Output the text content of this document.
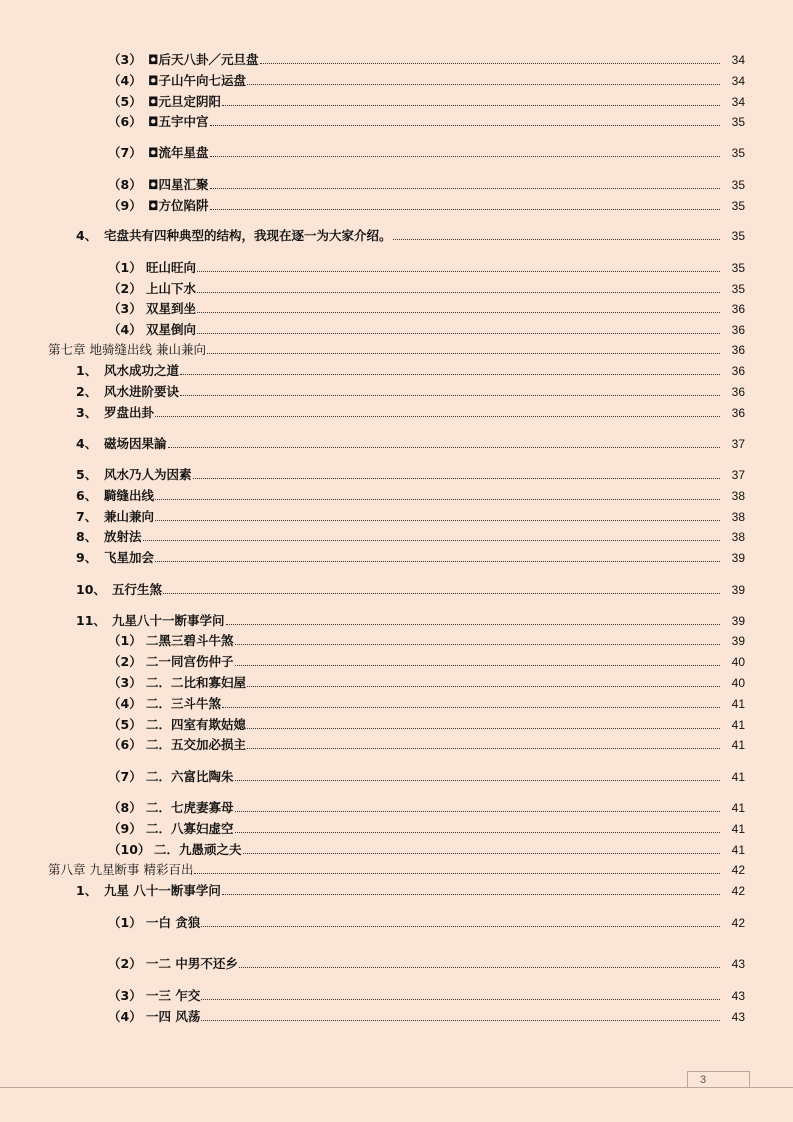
（3） ◘后天八卦／元旦盘	34
（4） ◘子山午向七运盘	34
（5） ◘元旦定阴阳	34
（6） ◘五宇中宫	35
（7） ◘流年星盘	35
（8） ◘四星汇聚	35
（9） ◘方位陷阱	35
4、 宅盘共有四种典型的结构，我现在逐一为大家介绍。	35
（1） 旺山旺向	35
（2） 上山下水	35
（3） 双星到坐	36
（4） 双星倒向	36
第七章 地骑缝出线 兼山兼向	36
1、 风水成功之道	36
2、 风水进阶要诀	36
3、 罗盘出卦	36
4、 磁场因果論	37
5、 风水乃人为因素	37
6、 騎缝出线	38
7、 兼山兼向	38
8、 放射法	38
9、 飞星加会	39
10、 五行生煞	39
11、 九星八十一断事学问	39
（1） 二黑三碧斗牛煞	39
（2） 二一同宫伤仲子	40
（3） 二．二比和寡妇屋	40
（4） 二．三斗牛煞	41
（5） 二．四室有欺姑媳	41
（6） 二．五交加必损主	41
（7） 二．六富比陶朱	41
（8） 二．七虎妻寡母	41
（9） 二．八寡妇虚空	41
（10） 二．九愚顽之夫	41
第八章 九星断事 精彩百出	42
1、 九星 八十一断事学问	42
（1） 一白 贪狼	42
（2） 一二 中男不还乡	43
（3） 一三 乍交	43
（4） 一四 风荡	43
3
